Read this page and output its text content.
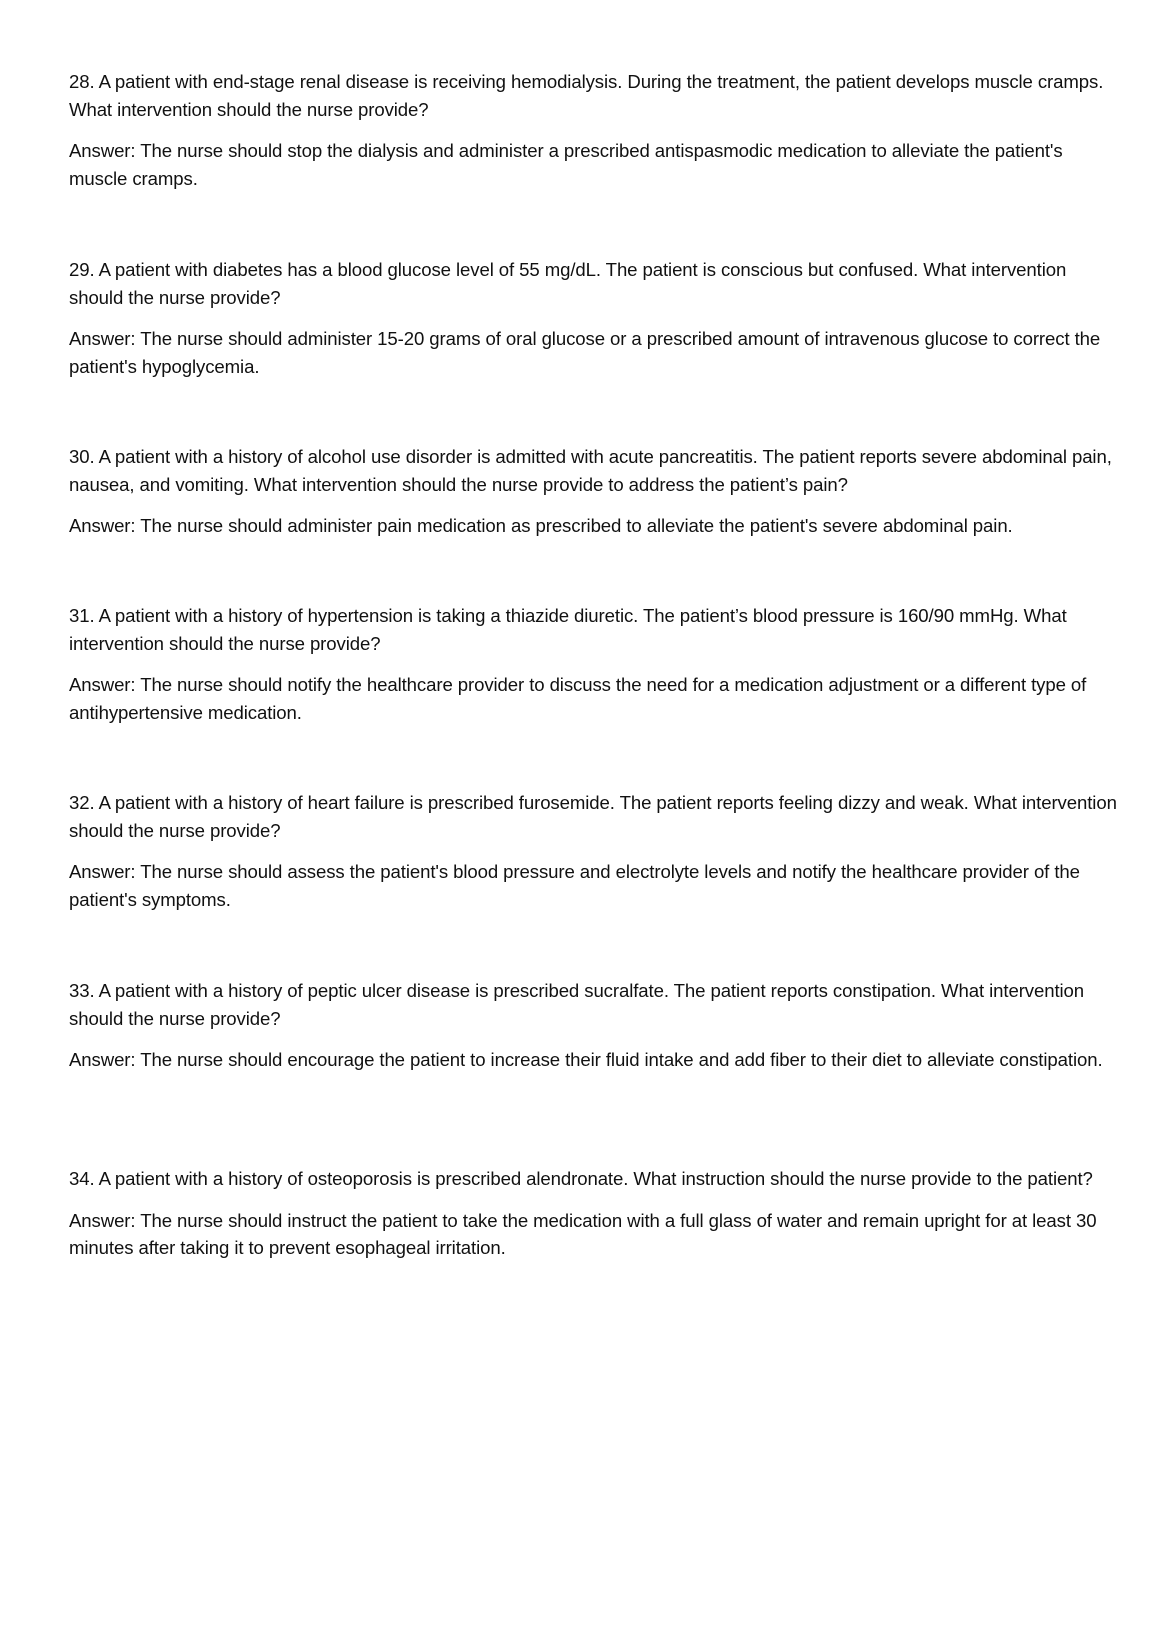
28. A patient with end-stage renal disease is receiving hemodialysis. During the treatment, the patient develops muscle cramps. What intervention should the nurse provide?

Answer: The nurse should stop the dialysis and administer a prescribed antispasmodic medication to alleviate the patient's muscle cramps.

29. A patient with diabetes has a blood glucose level of 55 mg/dL. The patient is conscious but confused. What intervention should the nurse provide?

Answer: The nurse should administer 15-20 grams of oral glucose or a prescribed amount of intravenous glucose to correct the patient's hypoglycemia.

30. A patient with a history of alcohol use disorder is admitted with acute pancreatitis. The patient reports severe abdominal pain, nausea, and vomiting. What intervention should the nurse provide to address the patient’s pain?

Answer: The nurse should administer pain medication as prescribed to alleviate the patient's severe abdominal pain.

31. A patient with a history of hypertension is taking a thiazide diuretic. The patient’s blood pressure is 160/90 mmHg. What intervention should the nurse provide?

Answer: The nurse should notify the healthcare provider to discuss the need for a medication adjustment or a different type of antihypertensive medication.

32. A patient with a history of heart failure is prescribed furosemide. The patient reports feeling dizzy and weak. What intervention should the nurse provide?

Answer: The nurse should assess the patient's blood pressure and electrolyte levels and notify the healthcare provider of the patient's symptoms.

33. A patient with a history of peptic ulcer disease is prescribed sucralfate. The patient reports constipation. What intervention should the nurse provide?

Answer: The nurse should encourage the patient to increase their fluid intake and add fiber to their diet to alleviate constipation.

34. A patient with a history of osteoporosis is prescribed alendronate. What instruction should the nurse provide to the patient?

Answer: The nurse should instruct the patient to take the medication with a full glass of water and remain upright for at least 30 minutes after taking it to prevent esophageal irritation.
